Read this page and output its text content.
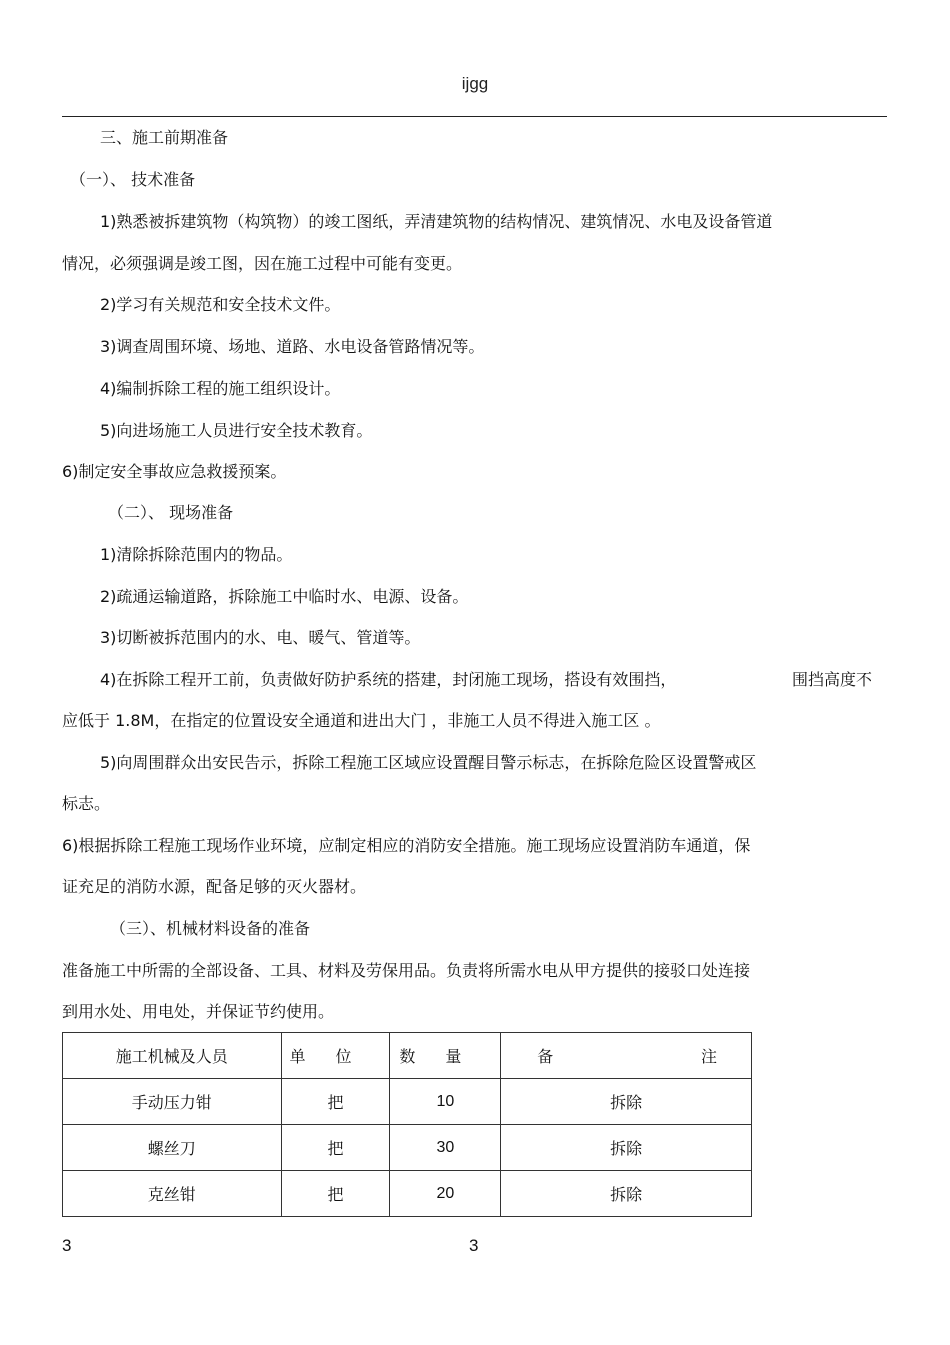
ijgg
三、施工前期准备
（一）、 技术准备
1)熟悉被拆建筑物（构筑物）的竣工图纸，弄清建筑物的结构情况、建筑情况、水电及设备管道
情况，必须强调是竣工图，因在施工过程中可能有变更。
2)学习有关规范和安全技术文件。
3)调查周围环境、场地、道路、水电设备管路情况等。
4)编制拆除工程的施工组织设计。
5)向进场施工人员进行安全技术教育。
6)制定安全事故应急救援预案。
（二）、 现场准备
1)清除拆除范围内的物品。
2)疏通运输道路，拆除施工中临时水、电源、设备。
3)切断被拆范围内的水、电、暖气、管道等。
4)在拆除工程开工前，负责做好防护系统的搭建，封闭施工现场，搭设有效围挡，	围挡高度不
应低于 1.8M，在指定的位置设安全通道和进出大门 ，非施工人员不得进入施工区 。
5)向周围群众出安民告示，拆除工程施工区域应设置醒目警示标志，在拆除危险区设置警戒区
标志。
6)根据拆除工程施工现场作业环境，应制定相应的消防安全措施。施工现场应设置消防车通道，保
证充足的消防水源，配备足够的灭火器材。
（三）、机械材料设备的准备
准备施工中所需的全部设备、工具、材料及劳保用品。负责将所需水电从甲方提供的接驳口处连接
到用水处、用电处，并保证节约使用。
施工机械及人员	单位	数量	备 注

手动压力钳	把	10	拆除
螺丝刀	把	30	拆除
克丝钳	把	20	拆除
3	3
